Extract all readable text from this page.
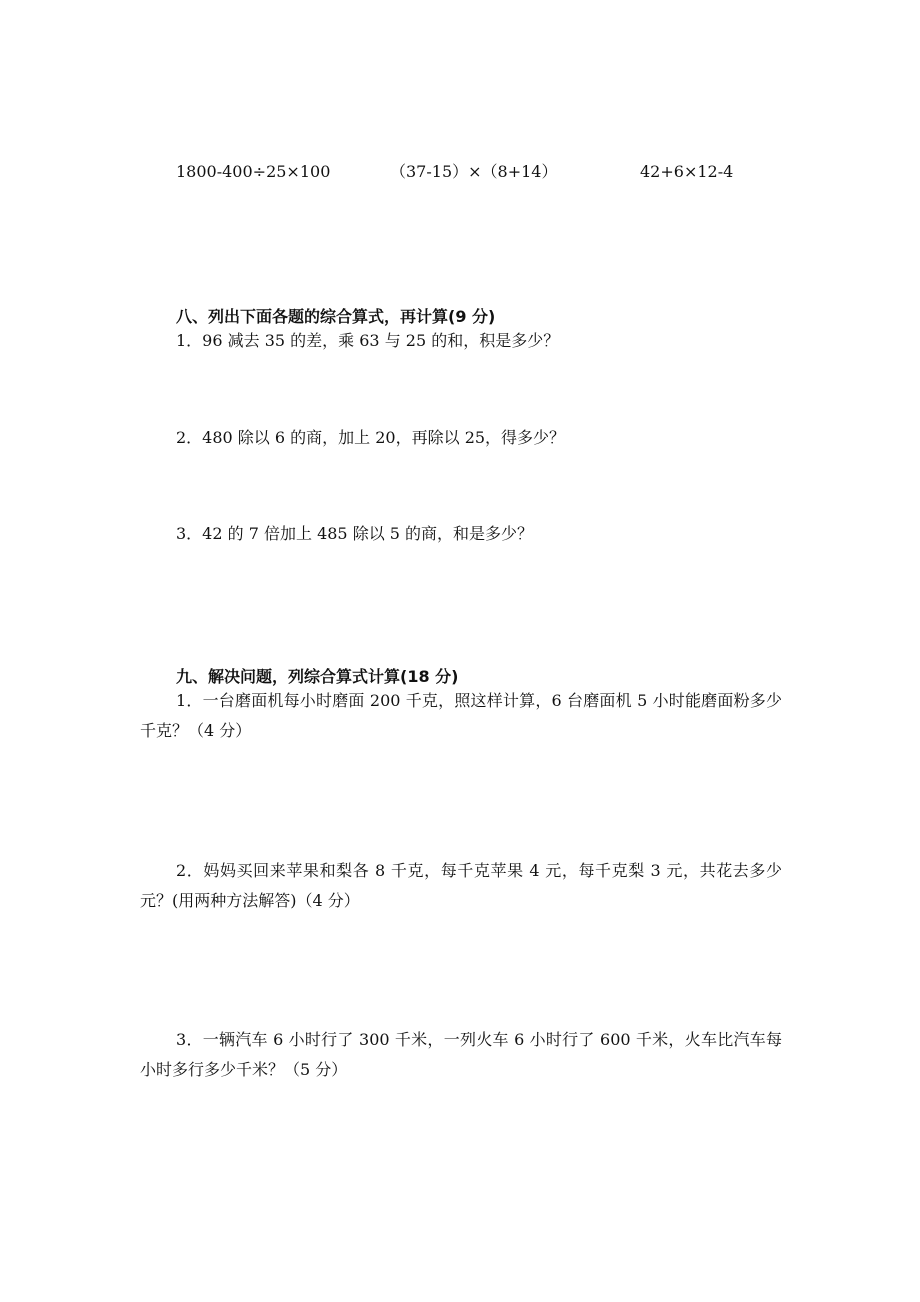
1800-400÷25×100	（37-15）×（8+14）	42+6×12-4
八、列出下面各题的综合算式，再计算(9 分)
1．96 减去 35 的差，乘 63 与 25 的和，积是多少？
2．480 除以 6 的商，加上 20，再除以 25，得多少？
3．42 的 7 倍加上 485 除以 5 的商，和是多少？
九、解决问题，列综合算式计算(18 分)
1．一台磨面机每小时磨面 200 千克，照这样计算，6 台磨面机 5 小时能磨面粉多少千克？（4 分）
2．妈妈买回来苹果和梨各 8 千克，每千克苹果 4 元，每千克梨 3 元，共花去多少元？(用两种方法解答)（4 分）
3．一辆汽车 6 小时行了 300 千米，一列火车 6 小时行了 600 千米，火车比汽车每小时多行多少千米？（5 分）
